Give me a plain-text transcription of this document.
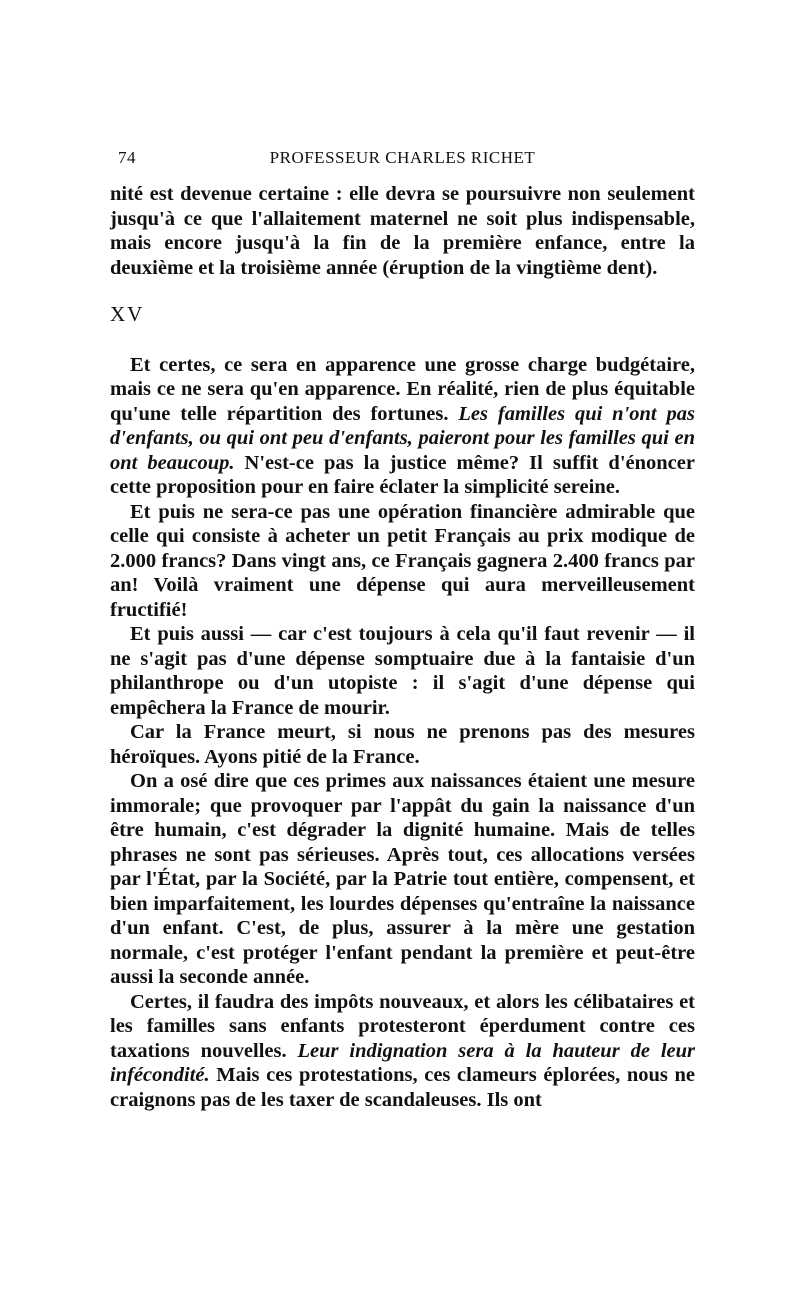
74	PROFESSEUR CHARLES RICHET

nité est devenue certaine : elle devra se poursuivre non seulement jusqu'à ce que l'allaitement maternel ne soit plus indispensable, mais encore jusqu'à la fin de la première enfance, entre la deuxième et la troisième année (éruption de la vingtième dent).

XV

Et certes, ce sera en apparence une grosse charge budgétaire, mais ce ne sera qu'en apparence. En réalité, rien de plus équitable qu'une telle répartition des fortunes. Les familles qui n'ont pas d'enfants, ou qui ont peu d'enfants, paieront pour les familles qui en ont beaucoup. N'est-ce pas la justice même? Il suffit d'énoncer cette proposition pour en faire éclater la simplicité sereine.

Et puis ne sera-ce pas une opération financière admirable que celle qui consiste à acheter un petit Français au prix modique de 2.000 francs? Dans vingt ans, ce Français gagnera 2.400 francs par an! Voilà vraiment une dépense qui aura merveilleusement fructifié!

Et puis aussi — car c'est toujours à cela qu'il faut revenir — il ne s'agit pas d'une dépense somptuaire due à la fantaisie d'un philanthrope ou d'un utopiste : il s'agit d'une dépense qui empêchera la France de mourir.

Car la France meurt, si nous ne prenons pas des mesures héroïques. Ayons pitié de la France.

On a osé dire que ces primes aux naissances étaient une mesure immorale; que provoquer par l'appât du gain la naissance d'un être humain, c'est dégrader la dignité humaine. Mais de telles phrases ne sont pas sérieuses. Après tout, ces allocations versées par l'État, par la Société, par la Patrie tout entière, compensent, et bien imparfaitement, les lourdes dépenses qu'entraîne la naissance d'un enfant. C'est, de plus, assurer à la mère une gestation normale, c'est protéger l'enfant pendant la première et peut-être aussi la seconde année.

Certes, il faudra des impôts nouveaux, et alors les célibataires et les familles sans enfants protesteront éperdument contre ces taxations nouvelles. Leur indignation sera à la hauteur de leur infécondité. Mais ces protestations, ces clameurs éplorées, nous ne craignons pas de les taxer de scandaleuses. Ils ont
